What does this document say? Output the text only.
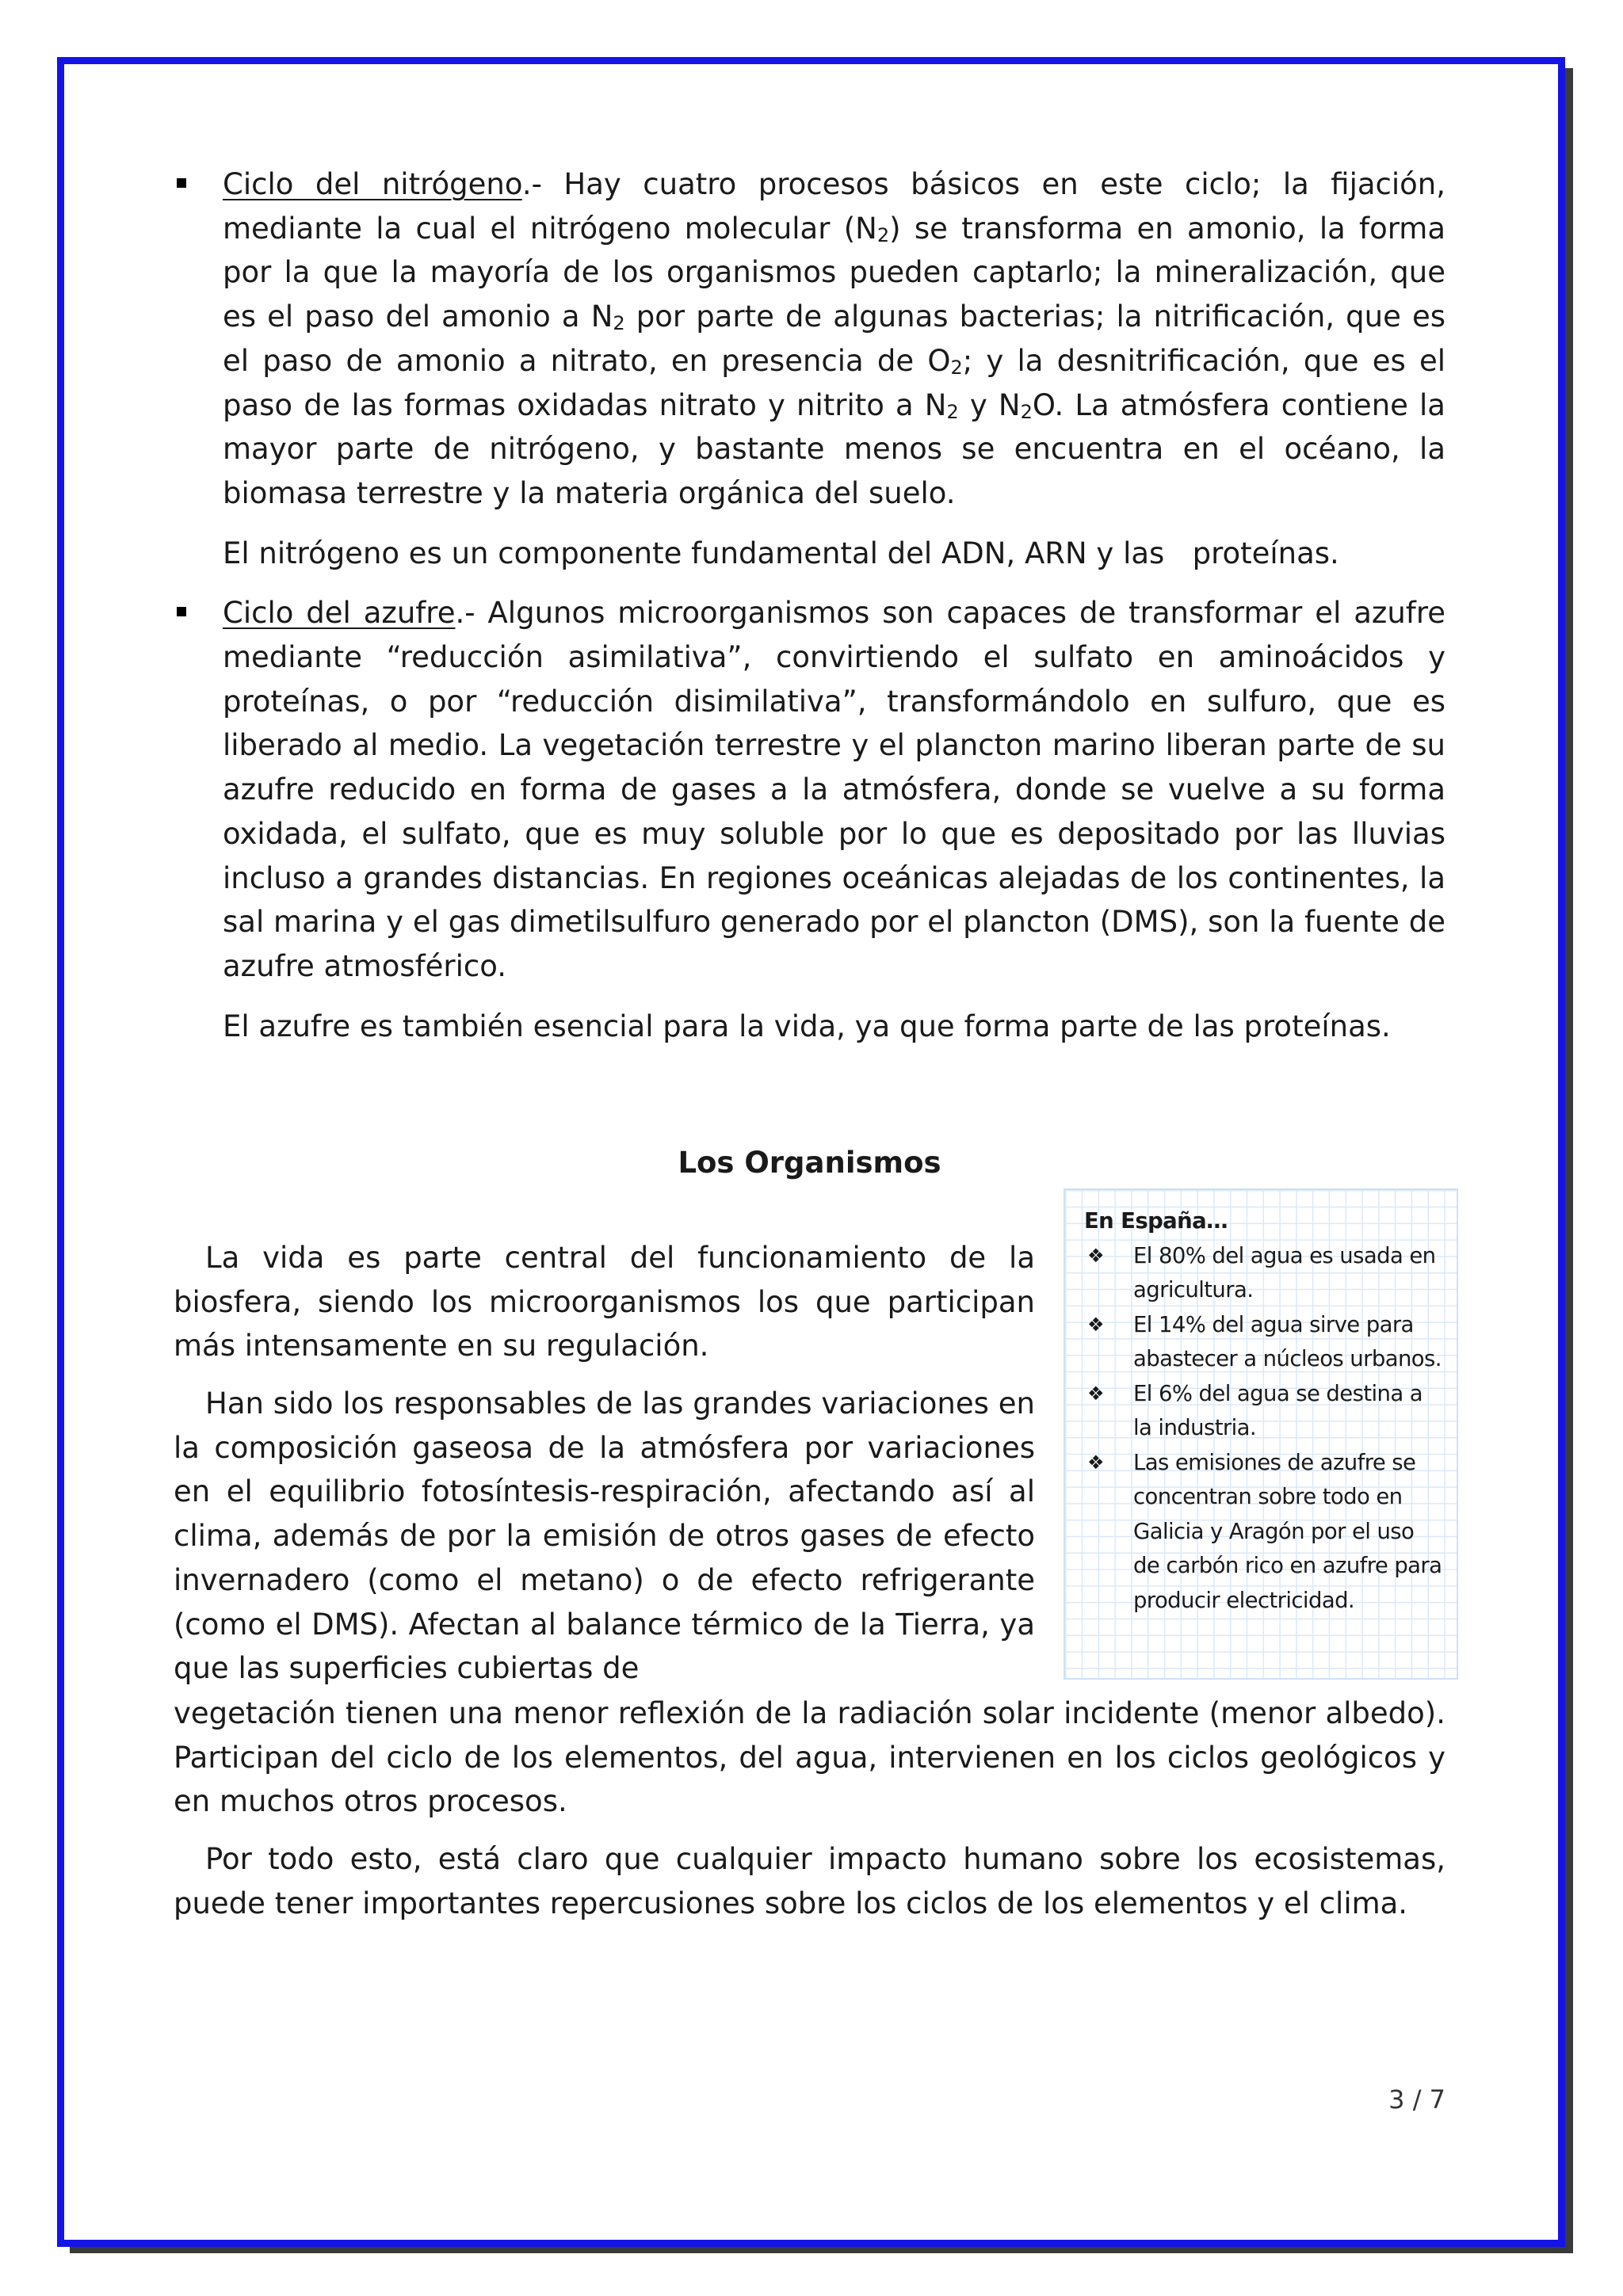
Ciclo del nitrógeno.- Hay cuatro procesos básicos en este ciclo; la fijación, mediante la cual el nitrógeno molecular $(N_2)$ se transforma en amonio, la forma por la que la mayoría de los organismos pueden captarlo; la mineralización, que es el paso del amonio a $N_2$ por parte de algunas bacterias; la nitrificación, que es el paso de amonio a nitrato, en presencia de $O_2$; y la desnitrificación, que es el paso de las formas oxidadas nitrato y nitrito a $N_2$ y $N_2O$. La atmósfera contiene la mayor parte de nitrógeno, y bastante menos se encuentra en el océano, la biomasa terrestre y la materia orgánica del suelo.
El nitrógeno es un componente fundamental del ADN, ARN y las   proteínas.
Ciclo del azufre.- Algunos microorganismos son capaces de transformar el azufre mediante “reducción asimilativa”, convirtiendo el sulfato en aminoácidos y proteínas, o por “reducción disimilativa”, transformándolo en sulfuro, que es liberado al medio. La vegetación terrestre y el plancton marino liberan parte de su azufre reducido en forma de gases a la atmósfera, donde se vuelve a su forma oxidada, el sulfato, que es muy soluble por lo que es depositado por las lluvias incluso a grandes distancias. En regiones oceánicas alejadas de los continentes, la sal marina y el gas dimetilsulfuro generado por el plancton (DMS), son la fuente de azufre atmosférico.
El azufre es también esencial para la vida, ya que forma parte de las proteínas.
Los Organismos
En España…
❖ El 80% del agua es usada en agricultura.
❖ El 14% del agua sirve para abastecer a núcleos urbanos.
❖ El 6% del agua se destina a la industria.
❖ Las emisiones de azufre se concentran sobre todo en Galicia y Aragón por el uso de carbón rico en azufre para producir electricidad.
La vida es parte central del funcionamiento de la biosfera, siendo los microorganismos los que participan más intensamente en su regulación.
Han sido los responsables de las grandes variaciones en la composición gaseosa de la atmósfera por variaciones en el equilibrio fotosíntesis-respiración, afectando así al clima, además de por la emisión de otros gases de efecto invernadero (como el metano) o de efecto refrigerante (como el DMS). Afectan al balance térmico de la Tierra, ya que las superficies cubiertas de
vegetación tienen una menor reflexión de la radiación solar incidente (menor albedo). Participan del ciclo de los elementos, del agua, intervienen en los ciclos geológicos y en muchos otros procesos.
Por todo esto, está claro que cualquier impacto humano sobre los ecosistemas, puede tener importantes repercusiones sobre los ciclos de los elementos y el clima.
3 / 7
